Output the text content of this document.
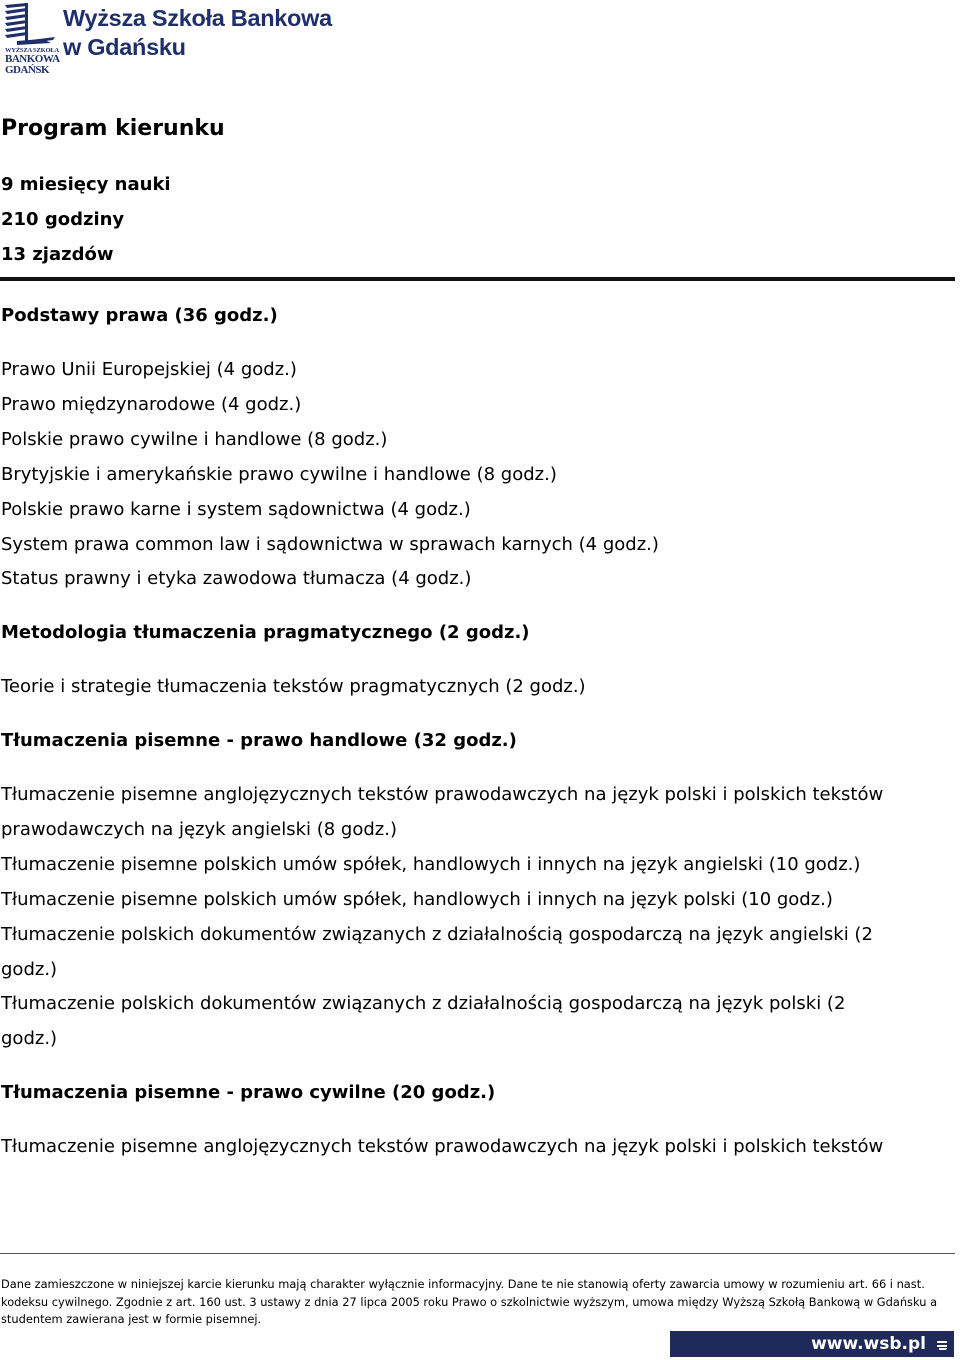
WYŻSZA SZKOŁA
BANKOWA
GDAŃSK
Wyższa Szkoła Bankowa
w Gdańsku
Program kierunku
9 miesięcy nauki
210 godziny
13 zjazdów
Podstawy prawa (36 godz.)
Prawo Unii Europejskiej (4 godz.)
Prawo międzynarodowe (4 godz.)
Polskie prawo cywilne i handlowe (8 godz.)
Brytyjskie i amerykańskie prawo cywilne i handlowe (8 godz.)
Polskie prawo karne i system sądownictwa (4 godz.)
System prawa common law i sądownictwa w sprawach karnych (4 godz.)
Status prawny i etyka zawodowa tłumacza (4 godz.)
Metodologia tłumaczenia pragmatycznego (2 godz.)
Teorie i strategie tłumaczenia tekstów pragmatycznych (2 godz.)
Tłumaczenia pisemne - prawo handlowe (32 godz.)
Tłumaczenie pisemne anglojęzycznych tekstów prawodawczych na język polski i polskich tekstów
prawodawczych na język angielski (8 godz.)
Tłumaczenie pisemne polskich umów spółek, handlowych i innych na język angielski (10 godz.)
Tłumaczenie pisemne polskich umów spółek, handlowych i innych na język polski (10 godz.)
Tłumaczenie polskich dokumentów związanych z działalnością gospodarczą na język angielski (2
godz.)
Tłumaczenie polskich dokumentów związanych z działalnością gospodarczą na język polski (2
godz.)
Tłumaczenia pisemne - prawo cywilne (20 godz.)
Tłumaczenie pisemne anglojęzycznych tekstów prawodawczych na język polski i polskich tekstów
Dane zamieszczone w niniejszej karcie kierunku mają charakter wyłącznie informacyjny. Dane te nie stanowią oferty zawarcia umowy w rozumieniu art. 66 i nast.
kodeksu cywilnego. Zgodnie z art. 160 ust. 3 ustawy z dnia 27 lipca 2005 roku Prawo o szkolnictwie wyższym, umowa między Wyższą Szkołą Bankową w Gdańsku a
studentem zawierana jest w formie pisemnej.
www.wsb.pl
